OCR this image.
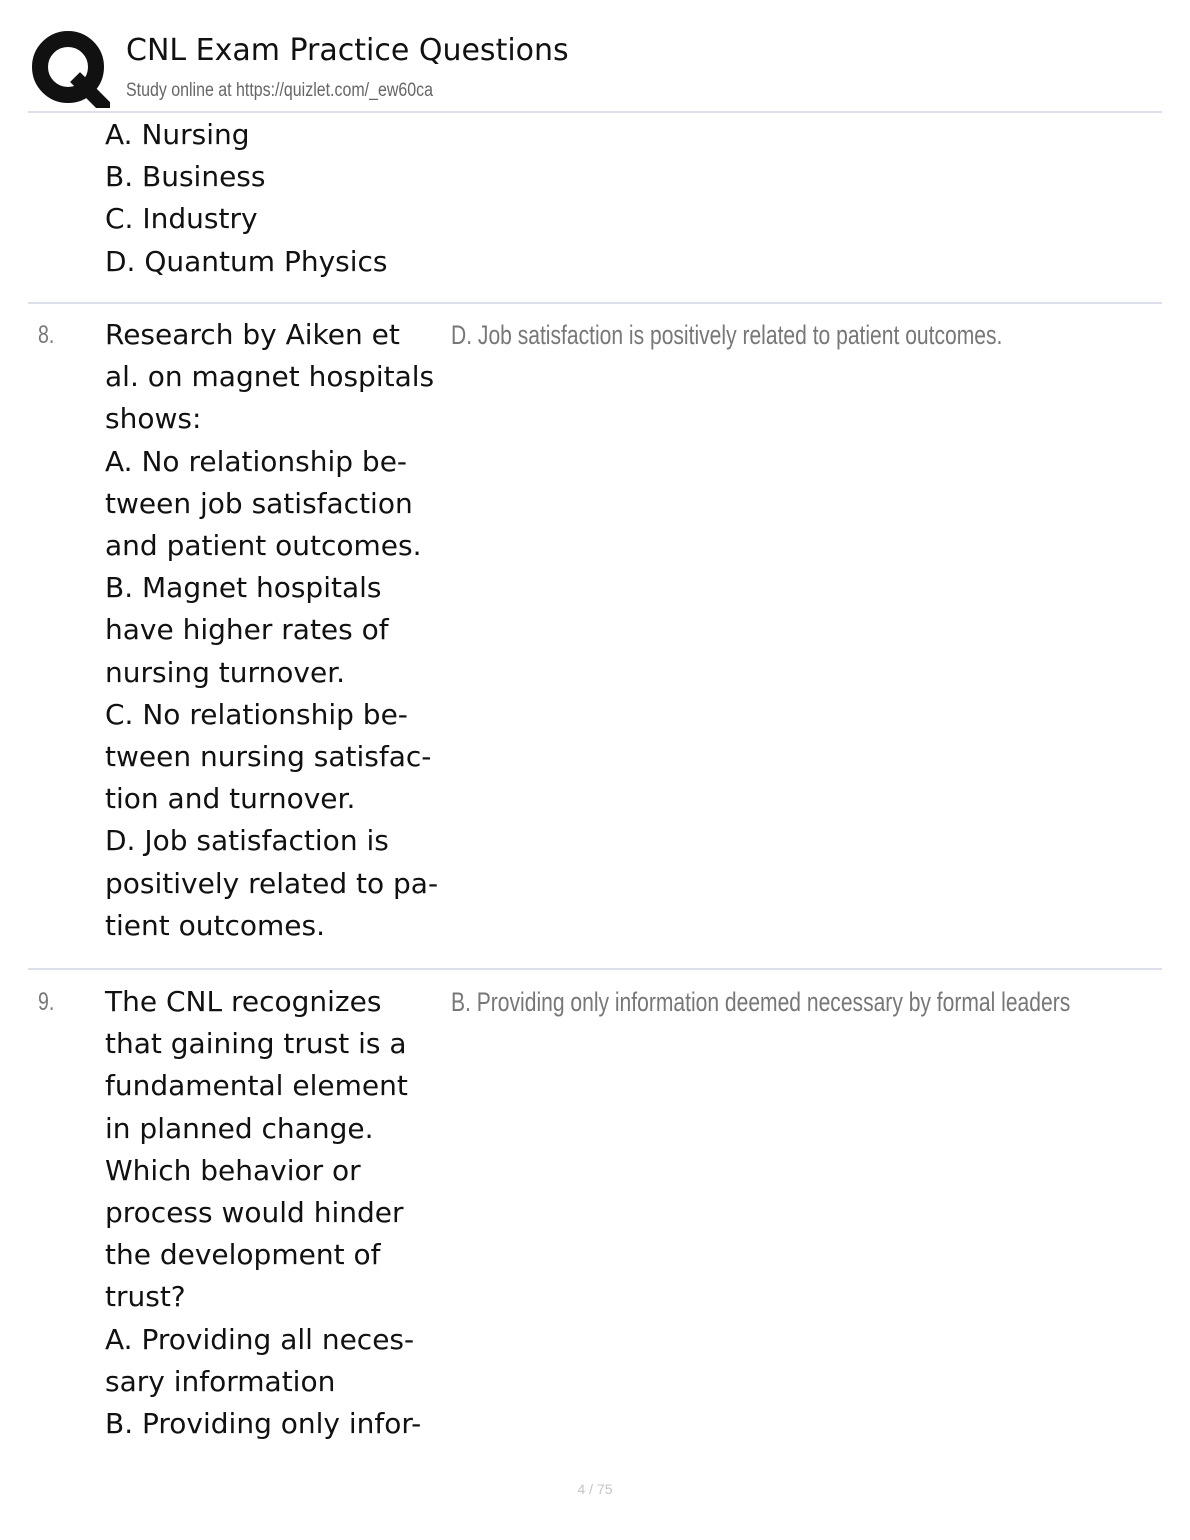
CNL Exam Practice Questions
Study online at https://quizlet.com/_ew60ca
A. Nursing
B. Business
C. Industry
D. Quantum Physics
8. Research by Aiken et
al. on magnet hospitals
shows:
A. No relationship be-
tween job satisfaction
and patient outcomes.
B. Magnet hospitals
have higher rates of
nursing turnover.
C. No relationship be-
tween nursing satisfac-
tion and turnover.
D. Job satisfaction is
positively related to pa-
tient outcomes.
D. Job satisfaction is positively related to patient outcomes.
9. The CNL recognizes
that gaining trust is a
fundamental element
in planned change.
Which behavior or
process would hinder
the development of
trust?
A. Providing all neces-
sary information
B. Providing only infor-
B. Providing only information deemed necessary by formal leaders
4 / 75
